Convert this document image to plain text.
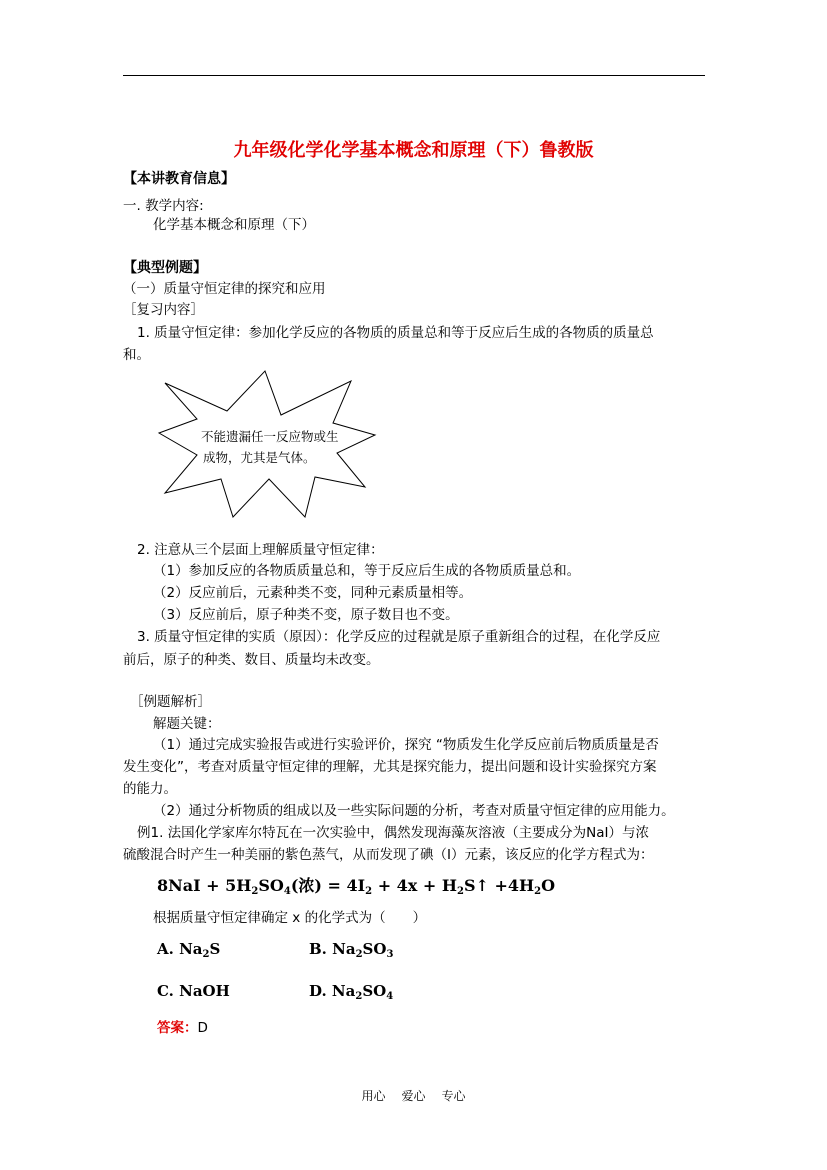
九年级化学化学基本概念和原理（下）鲁教版
【本讲教育信息】
一. 教学内容:
化学基本概念和原理（下）
【典型例题】
（一）质量守恒定律的探究和应用
［复习内容］
1. 质量守恒定律：参加化学反应的各物质的质量总和等于反应后生成的各物质的质量总
和。
不能遗漏任一反应物或生
成物，尤其是气体。
2. 注意从三个层面上理解质量守恒定律：
（1）参加反应的各物质质量总和，等于反应后生成的各物质质量总和。
（2）反应前后，元素种类不变，同种元素质量相等。
（3）反应前后，原子种类不变，原子数目也不变。
3. 质量守恒定律的实质（原因）：化学反应的过程就是原子重新组合的过程，在化学反应
前后，原子的种类、数目、质量均未改变。
［例题解析］
解题关键：
（1）通过完成实验报告或进行实验评价，探究 “物质发生化学反应前后物质质量是否
发生变化”，考查对质量守恒定律的理解，尤其是探究能力，提出问题和设计实验探究方案
的能力。
（2）通过分析物质的组成以及一些实际问题的分析，考查对质量守恒定律的应用能力。
例1. 法国化学家库尔特瓦在一次实验中，偶然发现海藻灰溶液（主要成分为NaI）与浓
硫酸混合时产生一种美丽的紫色蒸气，从而发现了碘（I）元素，该反应的化学方程式为：
$8NaI + 5H_2SO_4$(浓) = $4I_2 + 4x$ + $H_2S↑ +4H_2O$
根据质量守恒定律确定 x 的化学式为（　　）
A. $Na_2S$	B. $Na_2SO_3$
C. NaOH	D. $Na_2SO_4$
答案：D
用心 爱心 专心
